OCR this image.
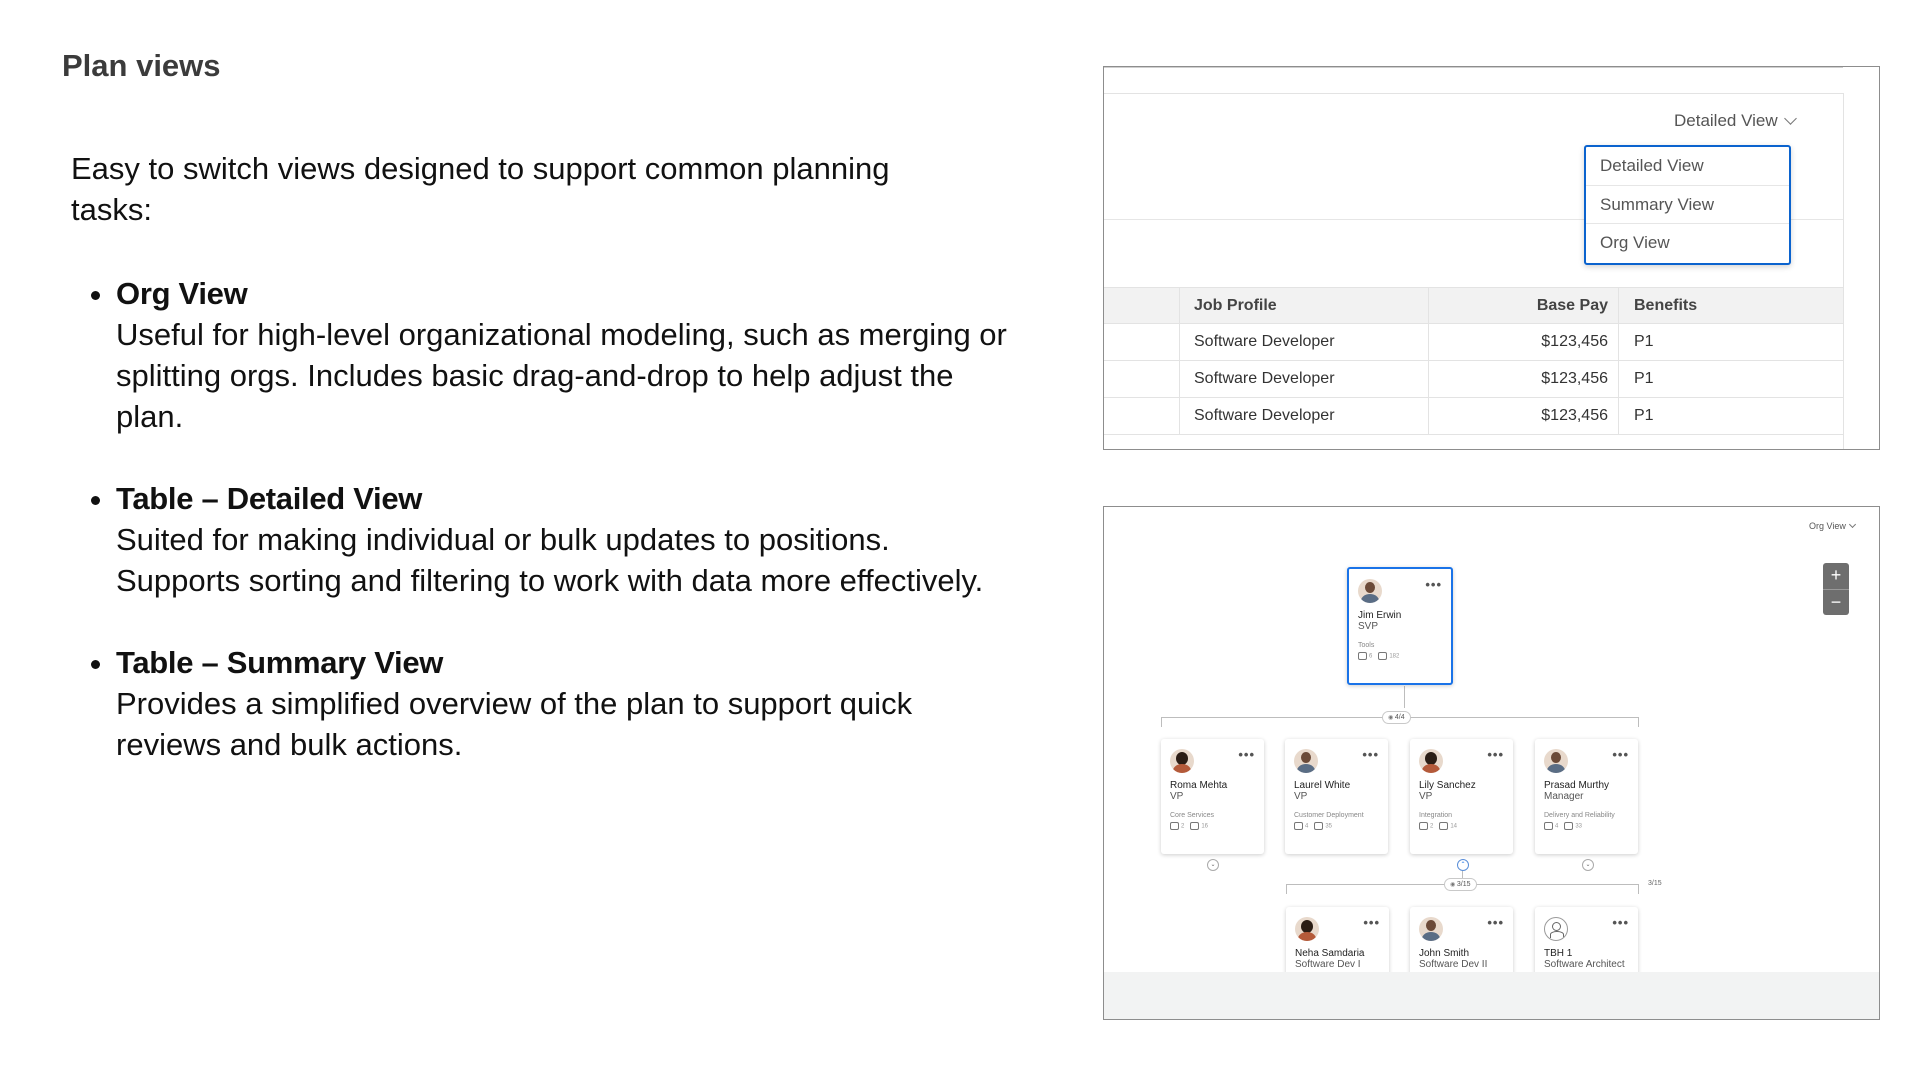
Plan views

Easy to switch views designed to support common planning tasks:

• Org View
Useful for high-level organizational modeling, such as merging or splitting orgs. Includes basic drag-and-drop to help adjust the plan.
• Table – Detailed View
Suited for making individual or bulk updates to positions. Supports sorting and filtering to work with data more effectively.
• Table – Summary View
Provides a simplified overview of the plan to support quick reviews and bulk actions.
Detailed View
Detailed View
Summary View
Org View
Job Profile	Base Pay	Benefits
Software Developer	$123,456	P1
Software Developer	$123,456	P1
Software Developer	$123,456	P1
Org View
+
−
•••
Jim Erwin
SVP
Tools
6	182
◉ 4/4
•••
Roma Mehta
VP
Core Services
2	16
•••
Laurel White
VP
Customer Deployment
4	35
•••
Lily Sanchez
VP
Integration
2	14
•••
Prasad Murthy
Manager
Delivery and Reliability
4	33
⌄	⌃	⌄
◉ 3/15	3/15
•••
Neha Samdaria
Software Dev I
•••
John Smith
Software Dev II
•••
TBH 1
Software Architect
